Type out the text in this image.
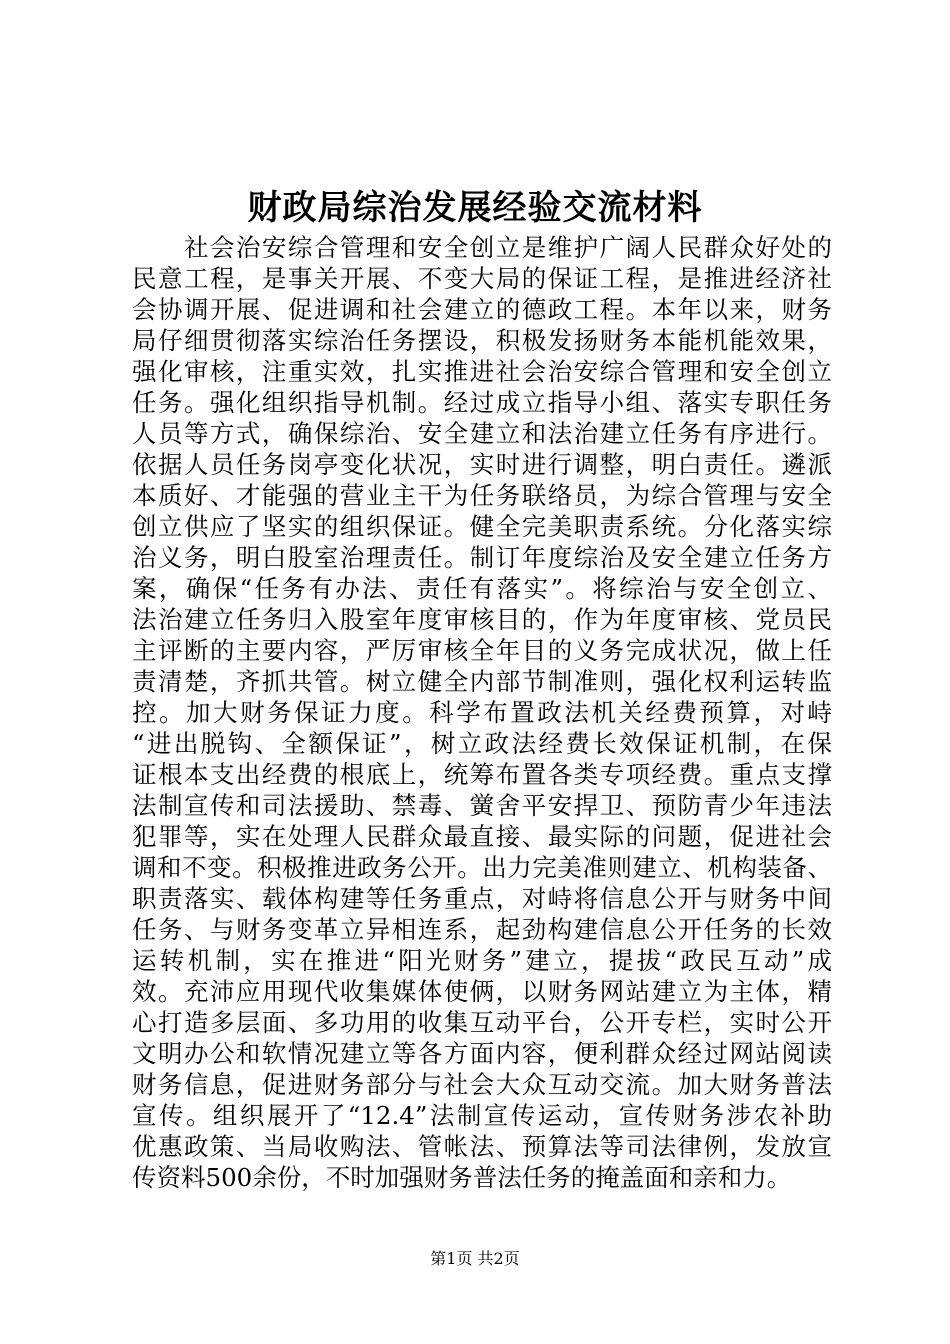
财政局综治发展经验交流材料
　　社会治安综合管理和安全创立是维护广阔人民群众好处的
民意工程，是事关开展、不变大局的保证工程，是推进经济社
会协调开展、促进调和社会建立的德政工程。本年以来，财务
局仔细贯彻落实综治任务摆设，积极发扬财务本能机能效果，
强化审核，注重实效，扎实推进社会治安综合管理和安全创立
任务。强化组织指导机制。经过成立指导小组、落实专职任务
人员等方式，确保综治、安全建立和法治建立任务有序进行。
依据人员任务岗亭变化状况，实时进行调整，明白责任。遴派
本质好、才能强的营业主干为任务联络员，为综合管理与安全
创立供应了坚实的组织保证。健全完美职责系统。分化落实综
治义务，明白股室治理责任。制订年度综治及安全建立任务方
案，确保“任务有办法、责任有落实”。将综治与安全创立、
法治建立任务归入股室年度审核目的，作为年度审核、党员民
主评断的主要内容，严厉审核全年目的义务完成状况，做上任
责清楚，齐抓共管。树立健全内部节制准则，强化权利运转监
控。加大财务保证力度。科学布置政法机关经费预算，对峙
“进出脱钩、全额保证”，树立政法经费长效保证机制，在保
证根本支出经费的根底上，统筹布置各类专项经费。重点支撑
法制宣传和司法援助、禁毒、黉舍平安捍卫、预防青少年违法
犯罪等，实在处理人民群众最直接、最实际的问题，促进社会
调和不变。积极推进政务公开。出力完美准则建立、机构装备、
职责落实、载体构建等任务重点，对峙将信息公开与财务中间
任务、与财务变革立异相连系，起劲构建信息公开任务的长效
运转机制，实在推进“阳光财务”建立，提拔“政民互动”成
效。充沛应用现代收集媒体使俩，以财务网站建立为主体，精
心打造多层面、多功用的收集互动平台，公开专栏，实时公开
文明办公和软情况建立等各方面内容，便利群众经过网站阅读
财务信息，促进财务部分与社会大众互动交流。加大财务普法
宣传。组织展开了“12.4”法制宣传运动，宣传财务涉农补助
优惠政策、当局收购法、管帐法、预算法等司法律例，发放宣
传资料500余份，不时加强财务普法任务的掩盖面和亲和力。
第1页 共2页
